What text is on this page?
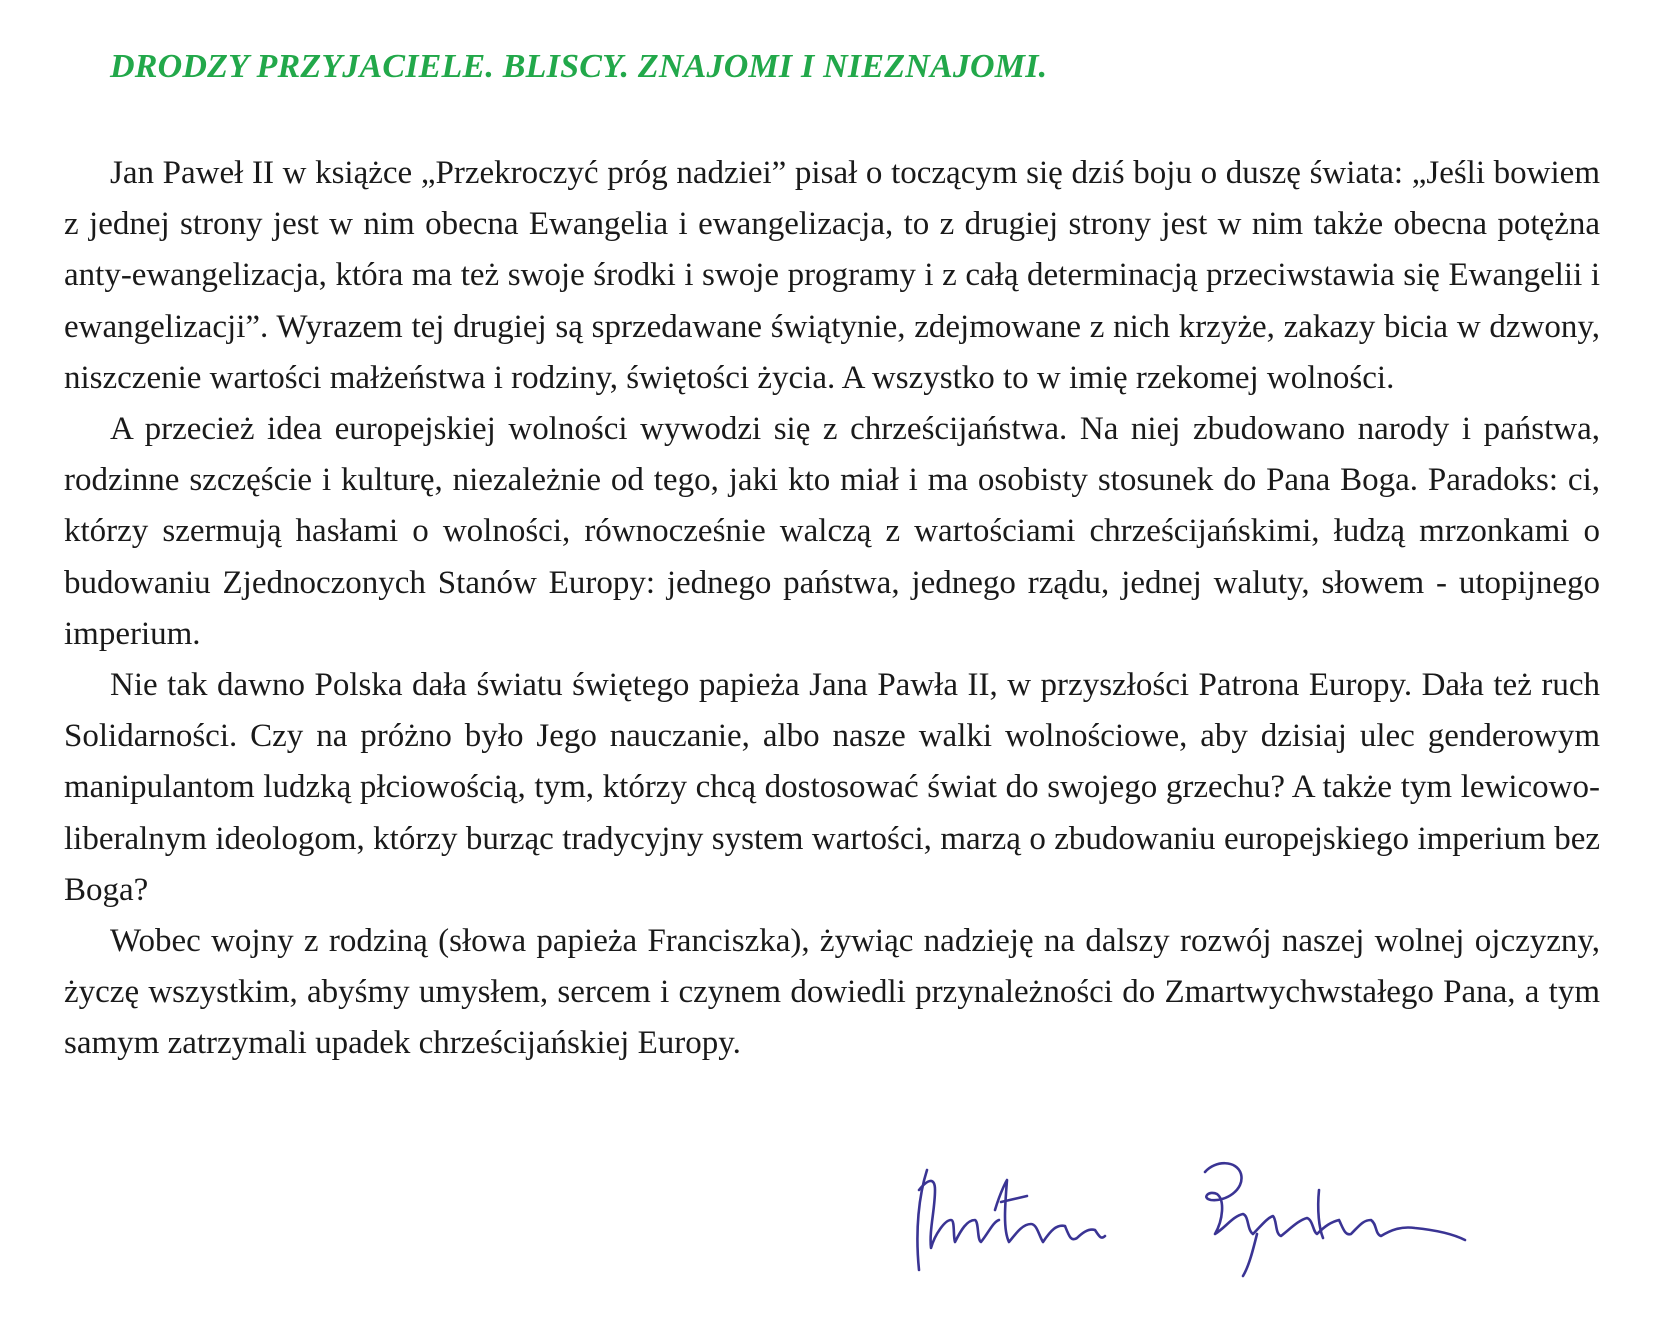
DRODZY PRZYJACIELE. BLISCY. ZNAJOMI I NIEZNAJOMI.

Jan Paweł II w książce „Przekroczyć próg nadziei” pisał o toczącym się dziś boju o duszę świata: „Jeśli bowiem z jednej strony jest w nim obecna Ewangelia i ewangelizacja, to z drugiej strony jest w nim także obecna potężna anty-ewangelizacja, która ma też swoje środki i swoje programy i z całą determinacją przeciwstawia się Ewangelii i ewangelizacji”. Wyrazem tej drugiej są sprzedawane świątynie, zdejmowane z nich krzyże, zakazy bicia w dzwony, niszczenie wartości małżeństwa i rodziny, świętości życia. A wszystko to w imię rzekomej wolności.

A przecież idea europejskiej wolności wywodzi się z chrześcijaństwa. Na niej zbudowano narody i państwa, rodzinne szczęście i kulturę, niezależnie od tego, jaki kto miał i ma osobisty stosunek do Pana Boga. Paradoks: ci, którzy szermują hasłami o wolności, równocześnie walczą z wartościami chrześcijańskimi, łudzą mrzonkami o budowaniu Zjednoczonych Stanów Europy: jednego państwa, jednego rządu, jednej waluty, słowem - utopijnego imperium.

Nie tak dawno Polska dała światu świętego papieża Jana Pawła II, w przyszłości Patrona Europy. Dała też ruch Solidarności. Czy na próżno było Jego nauczanie, albo nasze walki wolnościowe, aby dzisiaj ulec genderowym manipulantom ludzką płciowością, tym, którzy chcą dostosować świat do swojego grzechu? A także tym lewicowo-liberalnym ideologom, którzy burząc tradycyjny system wartości, marzą o zbudowaniu europejskiego imperium bez Boga?

Wobec wojny z rodziną (słowa papieża Franciszka), żywiąc nadzieję na dalszy rozwój naszej wolnej ojczyzny, życzę wszystkim, abyśmy umysłem, sercem i czynem dowiedli przynależności do Zmartwychwstałego Pana, a tym samym zatrzymali upadek chrześcijańskiej Europy.
